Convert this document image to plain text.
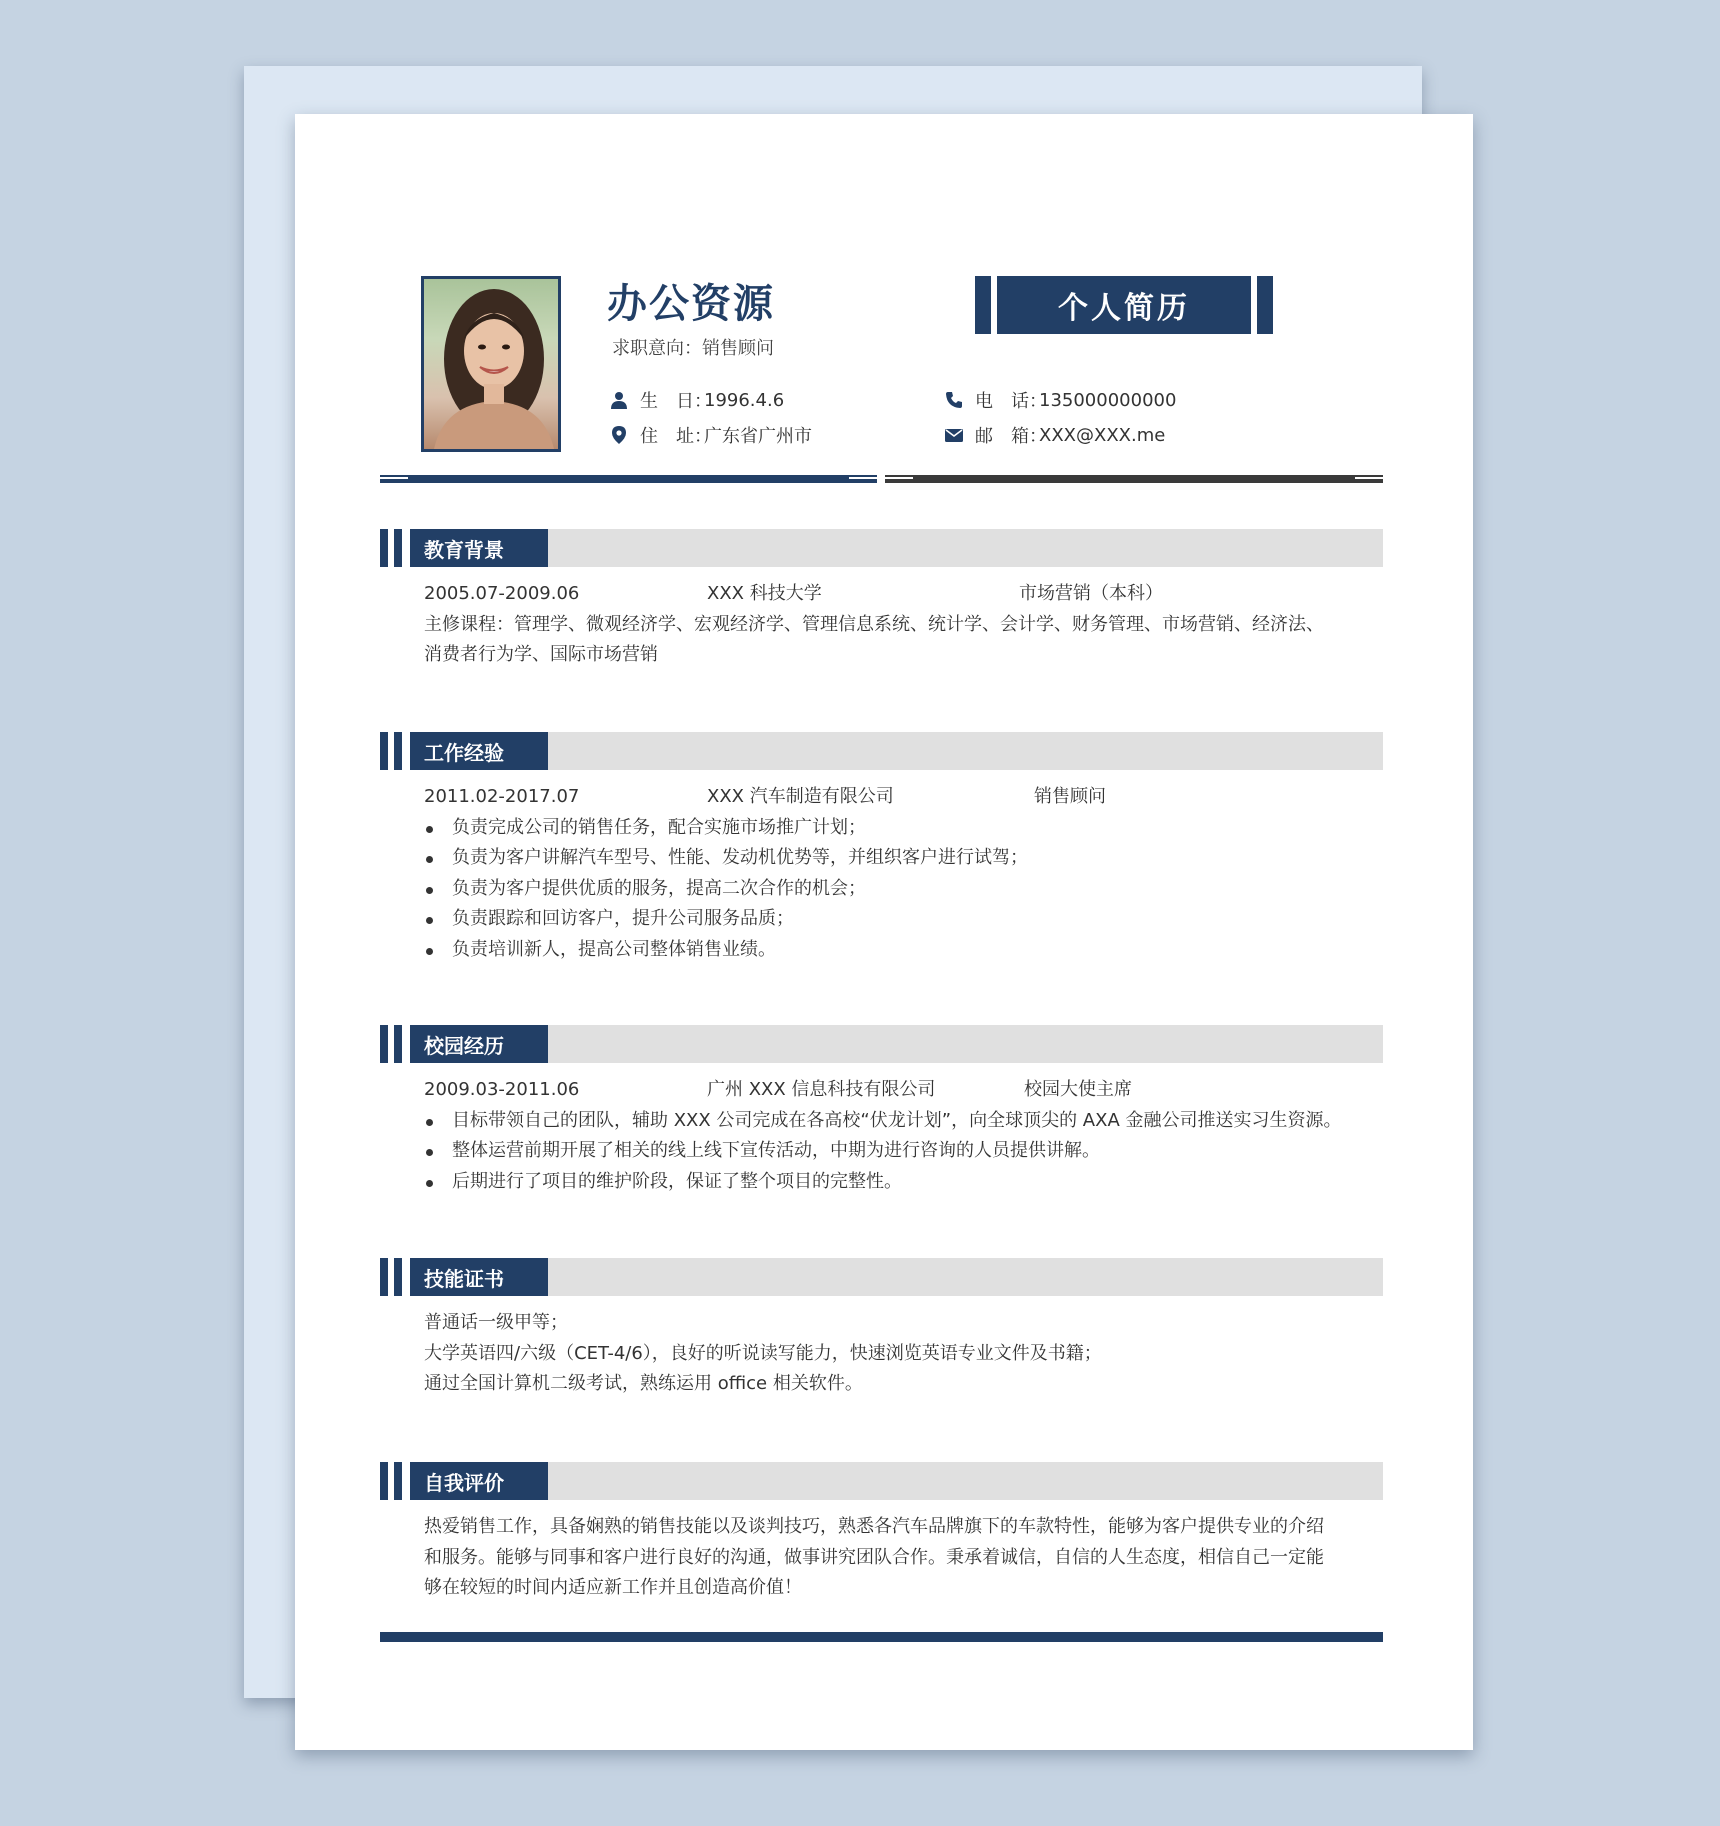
办公资源
求职意向：销售顾问
生　日：
1996.4.6
住　址：
广东省广州市
电　话：
135000000000
邮　箱：
XXX@XXX.me
个人简历
教育背景
2005.07-2009.06	XXX 科技大学	市场营销（本科）
主修课程：管理学、微观经济学、宏观经济学、管理信息系统、统计学、会计学、财务管理、市场营销、经济法、消费者行为学、国际市场营销
工作经验
2011.02-2017.07	XXX 汽车制造有限公司	销售顾问
负责完成公司的销售任务，配合实施市场推广计划；
负责为客户讲解汽车型号、性能、发动机优势等，并组织客户进行试驾；
负责为客户提供优质的服务，提高二次合作的机会；
负责跟踪和回访客户，提升公司服务品质；
负责培训新人，提高公司整体销售业绩。
校园经历
2009.03-2011.06	广州 XXX 信息科技有限公司	校园大使主席
目标带领自己的团队，辅助 XXX 公司完成在各高校“伏龙计划”，向全球顶尖的 AXA 金融公司推送实习生资源。
整体运营前期开展了相关的线上线下宣传活动，中期为进行咨询的人员提供讲解。
后期进行了项目的维护阶段，保证了整个项目的完整性。
技能证书
普通话一级甲等；
大学英语四/六级（CET-4/6），良好的听说读写能力，快速浏览英语专业文件及书籍；
通过全国计算机二级考试，熟练运用 office 相关软件。
自我评价
热爱销售工作，具备娴熟的销售技能以及谈判技巧，熟悉各汽车品牌旗下的车款特性，能够为客户提供专业的介绍和服务。能够与同事和客户进行良好的沟通，做事讲究团队合作。秉承着诚信，自信的人生态度，相信自己一定能够在较短的时间内适应新工作并且创造高价值！
